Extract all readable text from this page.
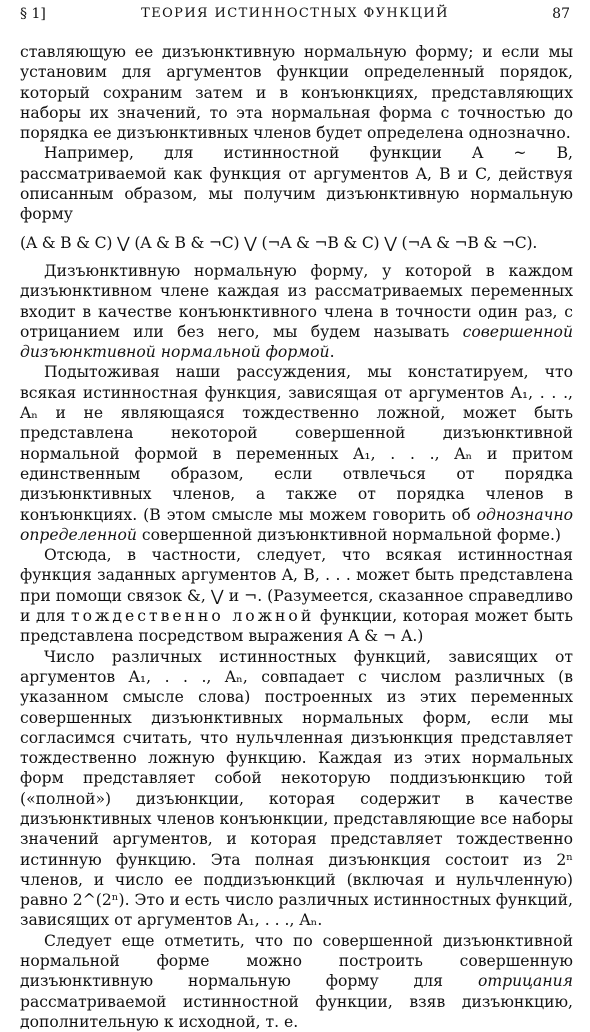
§ 1]	ТЕОРИЯ ИСТИННОСТНЫХ ФУНКЦИЙ	87

ставляющую ее дизъюнктивную нормальную форму; и если мы установим для аргументов функции определенный порядок, который сохраним затем и в конъюнкциях, представляющих наборы их значений, то эта нормальная форма с точностью до порядка ее дизъюнктивных членов будет определена однозначно.

Например, для истинностной функции A ~ B, рассматриваемой как функция от аргументов A, B и C, действуя описанным образом, мы получим дизъюнктивную нормальную форму

(A & B & C) ⋁ (A & B & ¬C) ⋁ (¬A & ¬B & C) ⋁ (¬A & ¬B & ¬C).

Дизъюнктивную нормальную форму, у которой в каждом дизъюнктивном члене каждая из рассматриваемых переменных входит в качестве конъюнктивного члена в точности один раз, с отрицанием или без него, мы будем называть совершенной дизъюнктивной нормальной формой.

Подытоживая наши рассуждения, мы констатируем, что всякая истинностная функция, зависящая от аргументов A₁, . . ., Aₙ и не являющаяся тождественно ложной, может быть представлена некоторой совершенной дизъюнктивной нормальной формой в переменных A₁, . . ., Aₙ и притом единственным образом, если отвлечься от порядка дизъюнктивных членов, а также от порядка членов в конъюнкциях. (В этом смысле мы можем говорить об однозначно определенной совершенной дизъюнктивной нормальной форме.)

Отсюда, в частности, следует, что всякая истинностная функция заданных аргументов A, B, . . . может быть представлена при помощи связок &, ⋁ и ¬. (Разумеется, сказанное справедливо и для тождественно ложной функции, которая может быть представлена посредством выражения A & ¬ A.)

Число различных истинностных функций, зависящих от аргументов A₁, . . ., Aₙ, совпадает с числом различных (в указанном смысле слова) построенных из этих переменных совершенных дизъюнктивных нормальных форм, если мы согласимся считать, что нульчленная дизъюнкция представляет тождественно ложную функцию. Каждая из этих нормальных форм представляет собой некоторую поддизъюнкцию той («полной») дизъюнкции, которая содержит в качестве дизъюнктивных членов конъюнкции, представляющие все наборы значений аргументов, и которая представляет тождественно истинную функцию. Эта полная дизъюнкция состоит из 2ⁿ членов, и число ее поддизъюнкций (включая и нульчленную) равно 2^(2ⁿ). Это и есть число различных истинностных функций, зависящих от аргументов A₁, . . ., Aₙ.

Следует еще отметить, что по совершенной дизъюнктивной нормальной форме можно построить совершенную дизъюнктивную нормальную форму для отрицания рассматриваемой истинностной функции, взяв дизъюнкцию, дополнительную к исходной, т. е.
